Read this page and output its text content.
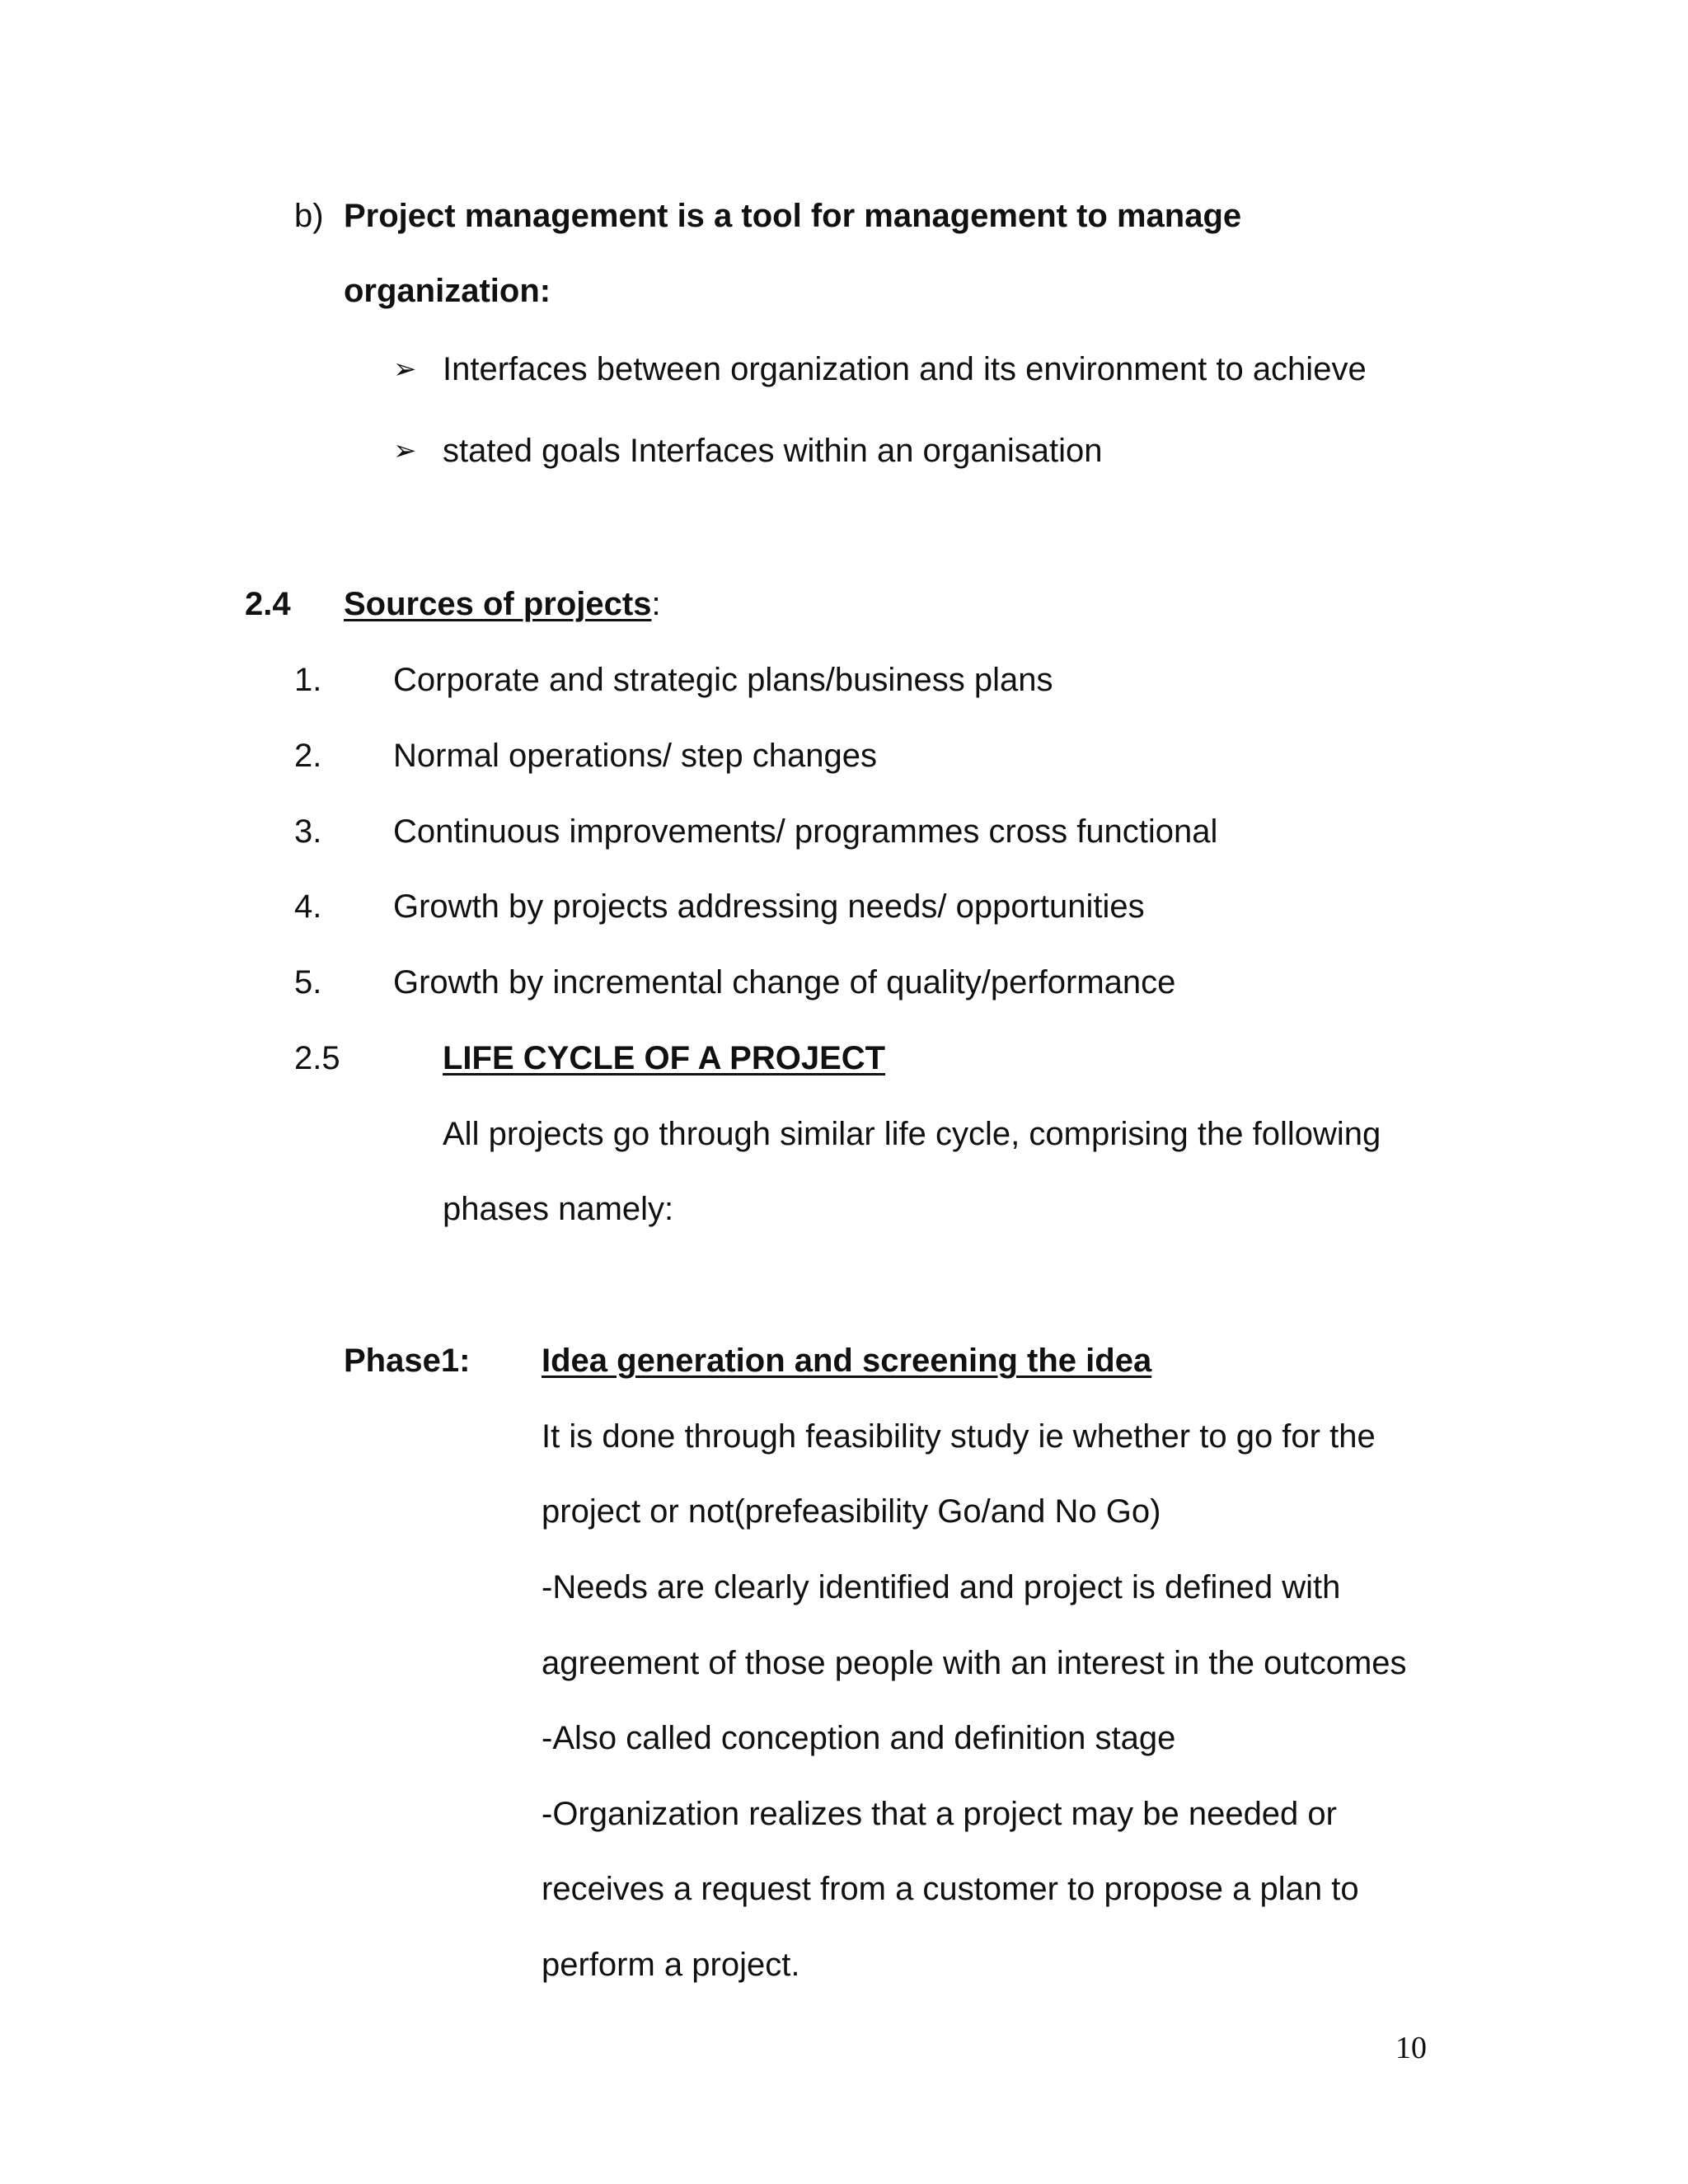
b) Project management is a tool for management to manage
organization:
➢ Interfaces between organization and its environment to achieve
➢ stated goals Interfaces within an organisation
2.4 Sources of projects:
1. Corporate and strategic plans/business plans
2. Normal operations/ step changes
3. Continuous improvements/ programmes cross functional
4. Growth by projects addressing needs/ opportunities
5. Growth by incremental change of quality/performance
2.5	LIFE CYCLE OF A PROJECT
All projects go through similar life cycle, comprising the following
phases namely:
Phase1: Idea generation and screening the idea
It is done through feasibility study ie whether to go for the
project or not(prefeasibility Go/and No Go)
-Needs are clearly identified and project is defined with
agreement of those people with an interest in the outcomes
-Also called conception and definition stage
-Organization realizes that a project may be needed or
receives a request from a customer to propose a plan to
perform a project.
10
